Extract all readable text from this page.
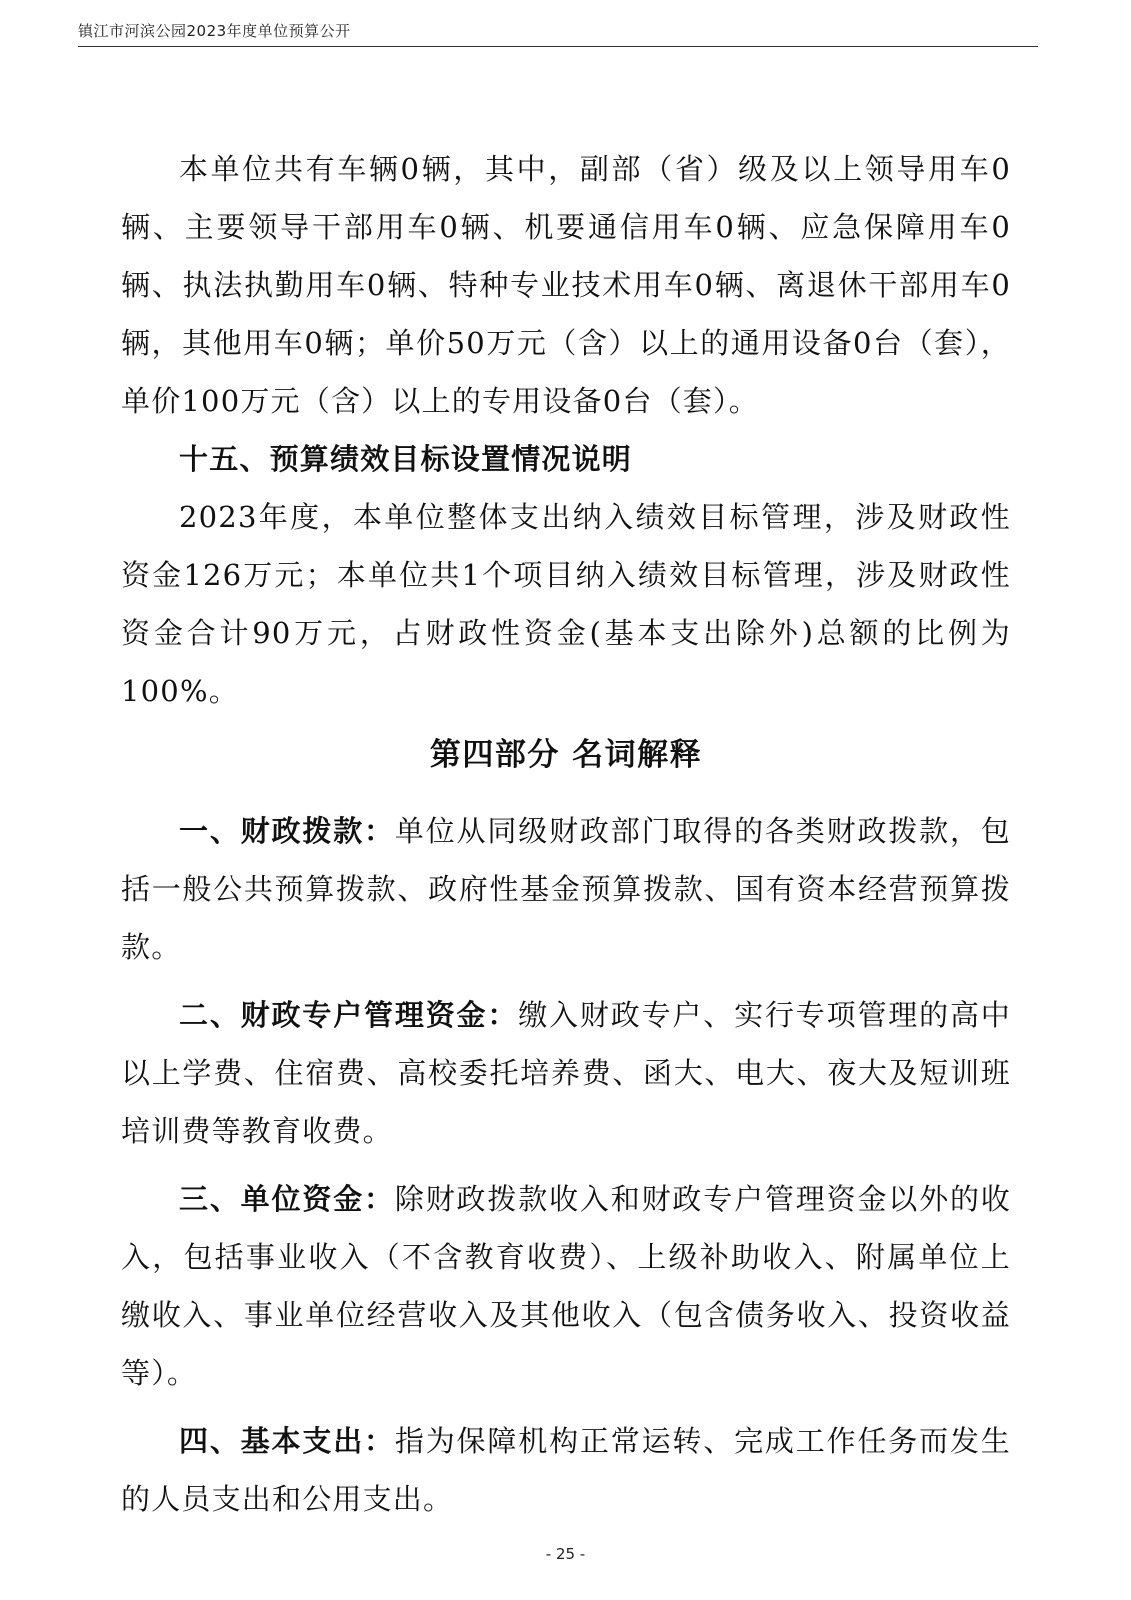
镇江市河滨公园2023年度单位预算公开

本单位共有车辆0辆，其中，副部（省）级及以上领导用车0辆、主要领导干部用车0辆、机要通信用车0辆、应急保障用车0辆、执法执勤用车0辆、特种专业技术用车0辆、离退休干部用车0辆，其他用车0辆；单价50万元（含）以上的通用设备0台（套），单价100万元（含）以上的专用设备0台（套）。

十五、预算绩效目标设置情况说明

2023年度，本单位整体支出纳入绩效目标管理，涉及财政性资金126万元；本单位共1个项目纳入绩效目标管理，涉及财政性资金合计90万元，占财政性资金(基本支出除外)总额的比例为100%。

第四部分 名词解释

一、财政拨款：单位从同级财政部门取得的各类财政拨款，包括一般公共预算拨款、政府性基金预算拨款、国有资本经营预算拨款。

二、财政专户管理资金：缴入财政专户、实行专项管理的高中以上学费、住宿费、高校委托培养费、函大、电大、夜大及短训班培训费等教育收费。

三、单位资金：除财政拨款收入和财政专户管理资金以外的收入，包括事业收入（不含教育收费）、上级补助收入、附属单位上缴收入、事业单位经营收入及其他收入（包含债务收入、投资收益等）。

四、基本支出：指为保障机构正常运转、完成工作任务而发生的人员支出和公用支出。

- 25 -
